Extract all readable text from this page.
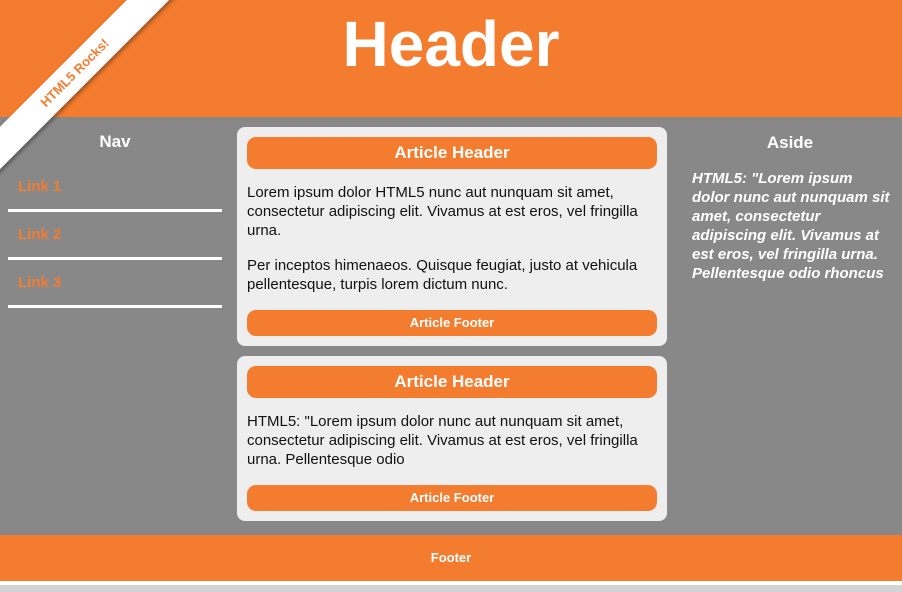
Header
HTML5 Rocks!
Nav
Link 1
Link 2
Link 3
Article Header

Lorem ipsum dolor HTML5 nunc aut nunquam sit amet, consectetur adipiscing elit. Vivamus at est eros, vel fringilla urna.

Per inceptos himenaeos. Quisque feugiat, justo at vehicula pellentesque, turpis lorem dictum nunc.

Article Footer
Article Header

HTML5: "Lorem ipsum dolor nunc aut nunquam sit amet, consectetur adipiscing elit. Vivamus at est eros, vel fringilla urna. Pellentesque odio

Article Footer
Aside

HTML5: "Lorem ipsum dolor nunc aut nunquam sit amet, consectetur adipiscing elit. Vivamus at est eros, vel fringilla urna. Pellentesque odio rhoncus

Footer
